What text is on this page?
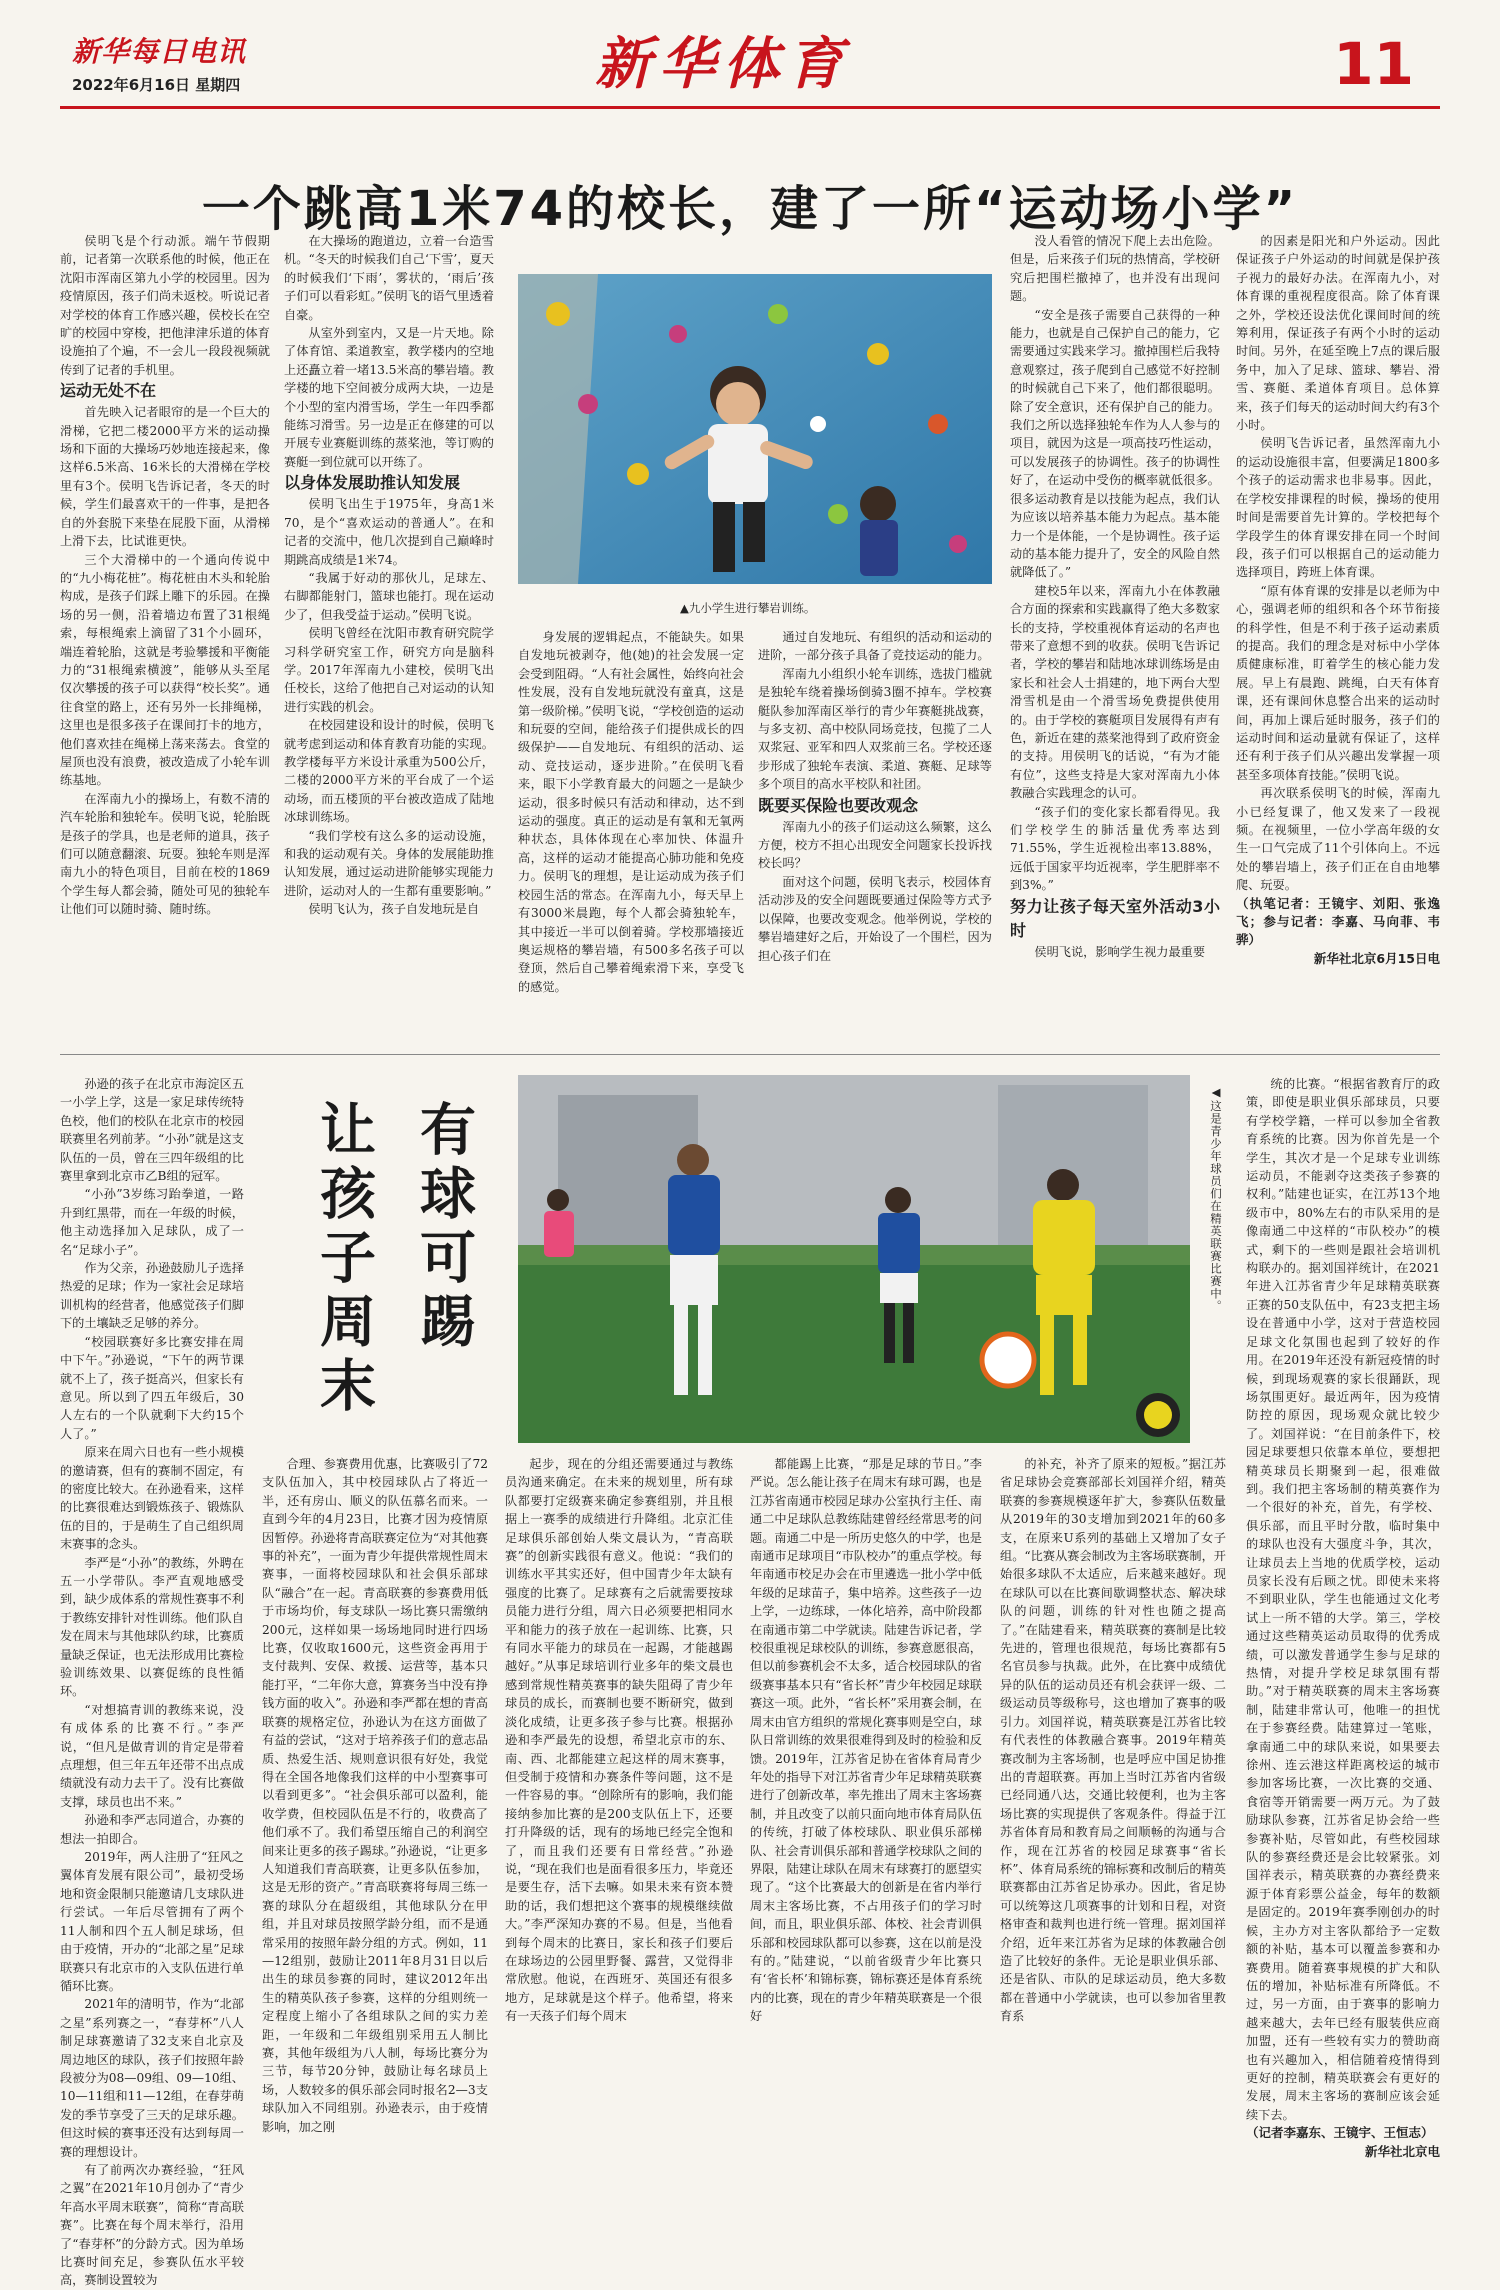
新华每日电讯
2022年6月16日 星期四	新华体育	11
一个跳高1米74的校长，建了一所“运动场小学”

侯明飞是个行动派。端午节假期前，记者第一次联系他的时候，他正在沈阳市浑南区第九小学的校园里。因为疫情原因，孩子们尚未返校。听说记者对学校的体育工作感兴趣，侯校长在空旷的校园中穿梭，把他津津乐道的体育设施拍了个遍，不一会儿一段段视频就传到了记者的手机里。

运动无处不在

首先映入记者眼帘的是一个巨大的滑梯，它把二楼2000平方米的运动操场和下面的大操场巧妙地连接起来，像这样6.5米高、16米长的大滑梯在学校里有3个。侯明飞告诉记者，冬天的时候，学生们最喜欢干的一件事，是把各自的外套脱下来垫在屁股下面，从滑梯上滑下去，比试谁更快。

三个大滑梯中的一个通向传说中的“九小梅花桩”。梅花桩由木头和轮胎构成，是孩子们踩上雕下的乐园。在操场的另一侧，沿着墙边布置了31根绳索，每根绳索上滴留了31个小圆环，端连着轮胎，这就是考验攀援和平衡能力的“31根绳索横渡”，能够从头至尾仅次攀援的孩子可以获得“校长奖”。通往食堂的路上，还有另外一长排绳梯，这里也是很多孩子在课间打卡的地方，他们喜欢挂在绳梯上荡来荡去。食堂的屋顶也没有浪费，被改造成了小轮车训练基地。

在浑南九小的操场上，有数不清的汽车轮胎和独轮车。侯明飞说，轮胎既是孩子的学具，也是老师的道具，孩子们可以随意翻滚、玩耍。独轮车则是浑南九小的特色项目，目前在校的1869个学生每人都会骑，随处可见的独轮车让他们可以随时骑、随时练。

在大操场的跑道边，立着一台造雪机。“冬天的时候我们自己‘下雪’，夏天的时候我们‘下雨’，雾状的，‘雨后’孩子们可以看彩虹。”侯明飞的语气里透着自豪。

从室外到室内，又是一片天地。除了体育馆、柔道教室，教学楼内的空地上还矗立着一堵13.5米高的攀岩墙。教学楼的地下空间被分成两大块，一边是个小型的室内滑雪场，学生一年四季都能练习滑雪。另一边是正在修建的可以开展专业赛艇训练的蒸桨池，等订购的赛艇一到位就可以开练了。

以身体发展助推认知发展

侯明飞出生于1975年，身高1米70，是个“喜欢运动的普通人”。在和记者的交流中，他几次提到自己巅峰时期跳高成绩是1米74。

“我属于好动的那伙儿，足球左、右脚都能射门，篮球也能打。现在运动少了，但我受益于运动。”侯明飞说。

侯明飞曾经在沈阳市教育研究院学习科学研究室工作，研究方向是脑科学。2017年浑南九小建校，侯明飞出任校长，这给了他把自己对运动的认知进行实践的机会。

在校园建设和设计的时候，侯明飞就考虑到运动和体育教育功能的实现。教学楼每平方米设计承重为500公斤，二楼的2000平方米的平台成了一个运动场，而五楼顶的平台被改造成了陆地冰球训练场。

“我们学校有这么多的运动设施，和我的运动观有关。身体的发展能助推认知发展，通过运动进阶能够实现能力进阶，运动对人的一生都有重要影响。”

侯明飞认为，孩子自发地玩是自

▲九小学生进行攀岩训练。

身发展的逻辑起点，不能缺失。如果自发地玩被剥夺，他(她)的社会发展一定会受到阻碍。“人有社会属性，始终向社会性发展，没有自发地玩就没有童真，这是第一级阶梯。”侯明飞说，“学校创造的运动和玩耍的空间，能给孩子们提供成长的四级保护——自发地玩、有组织的活动、运动、竞技运动，逐步进阶。”在侯明飞看来，眼下小学教育最大的问题之一是缺少运动，很多时候只有活动和律动，达不到运动的强度。真正的运动是有氧和无氧两种状态，具体体现在心率加快、体温升高，这样的运动才能提高心肺功能和免疫力。侯明飞的理想，是让运动成为孩子们校园生活的常态。在浑南九小，每天早上有3000米晨跑，每个人都会骑独轮车，其中接近一半可以倒着骑。学校那墙接近奥运规格的攀岩墙，有500多名孩子可以登顶，然后自己攀着绳索滑下来，享受飞的感觉。

通过自发地玩、有组织的活动和运动的进阶，一部分孩子具备了竞技运动的能力。

浑南九小组织小轮车训练，选拔门槛就是独轮车绕着操场倒骑3圈不掉车。学校赛艇队参加浑南区举行的青少年赛艇挑战赛，与多支初、高中校队同场竞技，包揽了二人双浆冠、亚军和四人双浆前三名。学校还逐步形成了独轮车表演、柔道、赛艇、足球等多个项目的高水平校队和社团。

既要买保险也要改观念

浑南九小的孩子们运动这么频繁，这么方便，校方不担心出现安全问题家长投诉找校长吗？

面对这个问题，侯明飞表示，校园体育活动涉及的安全问题既要通过保险等方式予以保障，也要改变观念。他举例说，学校的攀岩墙建好之后，开始设了一个围栏，因为担心孩子们在

没人看管的情况下爬上去出危险。但是，后来孩子们玩的热情高，学校研究后把围栏撤掉了，也并没有出现问题。

“安全是孩子需要自己获得的一种能力，也就是自己保护自己的能力，它需要通过实践来学习。撤掉围栏后我特意观察过，孩子爬到自己感觉不好控制的时候就自己下来了，他们都很聪明。除了安全意识，还有保护自己的能力。我们之所以选择独轮车作为人人参与的项目，就因为这是一项高技巧性运动，可以发展孩子的协调性。孩子的协调性好了，在运动中受伤的概率就低很多。很多运动教育是以技能为起点，我们认为应该以培养基本能力为起点。基本能力一个是体能，一个是协调性。孩子运动的基本能力提升了，安全的风险自然就降低了。”

建校5年以来，浑南九小在体教融合方面的探索和实践赢得了绝大多数家长的支持，学校重视体育运动的名声也带来了意想不到的收获。侯明飞告诉记者，学校的攀岩和陆地冰球训练场是由家长和社会人士捐建的，地下两台大型滑雪机是由一个滑雪场免费提供使用的。由于学校的赛艇项目发展得有声有色，新近在建的蒸桨池得到了政府资金的支持。用侯明飞的话说，“有为才能有位”，这些支持是大家对浑南九小体教融合实践理念的认可。

“孩子们的变化家长都看得见。我们学校学生的肺活量优秀率达到71.55%，学生近视检出率13.88%，远低于国家平均近视率，学生肥胖率不到3%。”

努力让孩子每天室外活动3小时

侯明飞说，影响学生视力最重要

的因素是阳光和户外运动。因此保证孩子户外运动的时间就是保护孩子视力的最好办法。在浑南九小，对体育课的重视程度很高。除了体育课之外，学校还设法优化课间时间的统筹利用，保证孩子有两个小时的运动时间。另外，在延至晚上7点的课后服务中，加入了足球、篮球、攀岩、滑雪、赛艇、柔道体育项目。总体算来，孩子们每天的运动时间大约有3个小时。

侯明飞告诉记者，虽然浑南九小的运动设施很丰富，但要满足1800多个孩子的运动需求也非易事。因此，在学校安排课程的时候，操场的使用时间是需要首先计算的。学校把每个学段学生的体育课安排在同一个时间段，孩子们可以根据自己的运动能力选择项目，跨班上体育课。

“原有体育课的安排是以老师为中心，强调老师的组织和各个环节衔接的科学性，但是不利于孩子运动素质的提高。我们的理念是对标中小学体质健康标准，盯着学生的核心能力发展。早上有晨跑、跳绳，白天有体育课，还有课间休息整合出来的运动时间，再加上课后延时服务，孩子们的运动时间和运动量就有保证了，这样还有利于孩子们从兴趣出发掌握一项甚至多项体育技能。”侯明飞说。

再次联系侯明飞的时候，浑南九小已经复课了，他又发来了一段视频。在视频里，一位小学高年级的女生一口气完成了11个引体向上。不远处的攀岩墙上，孩子们正在自由地攀爬、玩耍。

（执笔记者：王镜宇、刘阳、张逸飞；参与记者：李嘉、马向菲、韦骅）

新华社北京6月15日电

孙逊的孩子在北京市海淀区五一小学上学，这是一家足球传统特色校，他们的校队在北京市的校园联赛里名列前茅。“小孙”就是这支队伍的一员，曾在三四年级组的比赛里拿到北京市乙B组的冠军。

“小孙”3岁练习跆拳道，一路升到红黑带，而在一年级的时候，他主动选择加入足球队，成了一名“足球小子”。

作为父亲，孙逊鼓励儿子选择热爱的足球；作为一家社会足球培训机构的经营者，他感觉孩子们脚下的土壤缺乏足够的养分。

“校园联赛好多比赛安排在周中下午。”孙逊说，“下午的两节课就不上了，孩子挺高兴，但家长有意见。所以到了四五年级后，30人左右的一个队就剩下大约15个人了。”

原来在周六日也有一些小规模的邀请赛，但有的赛制不固定，有的密度比较大。在孙逊看来，这样的比赛很难达到锻炼孩子、锻炼队伍的目的，于是萌生了自己组织周末赛事的念头。

李严是“小孙”的教练，外聘在五一小学带队。李严直观地感受到，缺少成体系的常规性赛事不利于教练安排针对性训练。他们队自发在周末与其他球队约球，比赛质量缺乏保证，也无法形成用比赛检验训练效果、以赛促练的良性循环。

“对想搞青训的教练来说，没有成体系的比赛不行。”李严说，“但凡是做青训的肯定是带着点理想，但三年五年还带不出点成绩就没有动力去干了。没有比赛做支撑，球员也出不来。”

孙逊和李严志同道合，办赛的想法一拍即合。

2019年，两人注册了“狂风之翼体育发展有限公司”，最初受场地和资金限制只能邀请几支球队进行尝试。一年后尽管拥有了两个11人制和四个五人制足球场，但由于疫情，开办的“北部之星”足球联赛只有北京市的入支队伍进行单循环比赛。

2021年的清明节，作为“北部之星”系列赛之一，“春芽杯”八人制足球赛邀请了32支来自北京及周边地区的球队，孩子们按照年龄段被分为08—09组、09—10组、10—11组和11—12组，在春芽萌发的季节享受了三天的足球乐趣。但这时候的赛事还没有达到每周一赛的理想设计。

有了前两次办赛经验，“狂风之翼”在2021年10月创办了“青少年高水平周末联赛”，简称“青高联赛”。比赛在每个周末举行，沿用了“春芽杯”的分龄方式。因为单场比赛时间充足，参赛队伍水平较高，赛制设置较为

有球可踢
让孩子周末	◀这是青少年球员们在精英联赛比赛中。

合理、参赛费用优惠，比赛吸引了72支队伍加入，其中校园球队占了将近一半，还有房山、顺义的队伍慕名而来。一直到今年的4月23日，比赛才因为疫情原因暂停。孙逊将青高联赛定位为“对其他赛事的补充”，一面为青少年提供常规性周末赛事，一面将校园球队和社会俱乐部球队“融合”在一起。青高联赛的参赛费用低于市场均价，每支球队一场比赛只需缴纳200元，这样如果一场场地同时进行四场比赛，仅收取1600元，这些资金再用于支付裁判、安保、救援、运营等，基本只能打平，“二年你大意，算赛务当中没有挣钱方面的收入”。孙逊和李严都在想的青高联赛的规格定位，孙逊认为在这方面做了有益的尝试，“这对于培养孩子们的意志品质、热爱生活、规则意识很有好处，我觉得在全国各地像我们这样的中小型赛事可以看到更多”。“社会俱乐部可以盈利，能收学费，但校园队伍是不行的，收费高了他们承不了。我们希望压缩自己的利润空间来让更多的孩子踢球。”孙逊说，“让更多人知道我们青高联赛，让更多队伍参加，这是无形的资产。”青高联赛将每周三练一赛的球队分在超级组，其他球队分在甲组，并且对球员按照学龄分组，而不是通常采用的按照年龄分组的方式。例如，11—12组别，鼓励让2011年8月31日以后出生的球员参赛的同时，建议2012年出生的精英队孩子参赛，这样的分组则统一定程度上缩小了各组球队之间的实力差距，一年级和二年级组别采用五人制比赛，其他年级组为八人制，每场比赛分为三节，每节20分钟，鼓励让每名球员上场，人数较多的俱乐部会同时报名2—3支球队加入不同组别。孙逊表示，由于疫情影响，加之刚

起步，现在的分组还需要通过与教练员沟通来确定。在未来的规划里，所有球队都要打定级赛来确定参赛组别，并且根据上一赛季的成绩进行升降组。北京汇佳足球俱乐部创始人柴文晨认为，“青高联赛”的创新实践很有意义。他说：“我们的训练水平其实还好，但中国青少年太缺有强度的比赛了。足球赛有之后就需要按球员能力进行分组，周六日必须要把相同水平和能力的孩子放在一起训练、比赛，只有同水平能力的球员在一起踢，才能越踢越好。”从事足球培训行业多年的柴文晨也感到常规性精英赛事的缺失阻碍了青少年球员的成长，而赛制也要不断研究，做到淡化成绩，让更多孩子参与比赛。根据孙逊和李严最先的设想，希望北京市的东、南、西、北都能建立起这样的周末赛事，但受制于疫情和办赛条件等问题，这不是一件容易的事。“创除所有的影响，我们能接纳参加比赛的是200支队伍上下，还要打升降级的话，现有的场地已经完全饱和了，而且我们还要有日常经营。”孙逊说，“现在我们也是面看很多压力，毕竟还是要生存，活下去嘛。如果未来有资本赞助的话，我们想把这个赛事的规模继续做大。”李严深知办赛的不易。但是，当他看到每个周末的比赛日，家长和孩子们要后在球场边的公园里野餐、露营，又觉得非常欣慰。他说，在西班牙、英国还有很多地方，足球就是这个样子。他希望，将来有一天孩子们每个周末

都能踢上比赛，“那是足球的节日。”李严说。怎么能让孩子在周末有球可踢，也是江苏省南通市校园足球办公室执行主任、南通二中足球队总教练陆建曾经经常思考的问题。南通二中是一所历史悠久的中学，也是南通市足球项目“市队校办”的重点学校。每年南通市校足办会在市里遴选一批小学中低年级的足球苗子，集中培养。这些孩子一边上学，一边练球，一体化培养，高中阶段都在南通市第二中学就读。陆建告诉记者，学校很重视足球校队的训练，参赛意愿很高，但以前参赛机会不太多，适合校园球队的省级赛事基本只有“省长杯”青少年校园足球联赛这一项。此外，“省长杯”采用赛会制，在周末由官方组织的常规化赛事则是空白，球队日常训练的效果很难得到及时的检验和反馈。2019年，江苏省足协在省体育局青少年处的指导下对江苏省青少年足球精英联赛进行了创新改革，率先推出了周末主客场赛制，并且改变了以前只面向地市体育局队伍的传统，打破了体校球队、职业俱乐部梯队、社会青训俱乐部和普通学校球队之间的界限，陆建让球队在周末有球赛打的愿望实现了。“这个比赛最大的创新是在省内举行周末主客场比赛，不占用孩子们的学习时间，而且，职业俱乐部、体校、社会青训俱乐部和校园球队都可以参赛，这在以前是没有的。”陆建说，“以前省级青少年比赛只有‘省长杯’和锦标赛，锦标赛还是体育系统内的比赛，现在的青少年精英联赛是一个很好

的补充，补齐了原来的短板。”据江苏省足球协会竞赛部部长刘国祥介绍，精英联赛的参赛规模逐年扩大，参赛队伍数量从2019年的30支增加到2021年的60多支，在原来U系列的基础上又增加了女子组。“比赛从赛会制改为主客场联赛制，开始很多球队不太适应，后来越来越好。现在球队可以在比赛间歇调整状态、解决球队的问题，训练的针对性也随之提高了。”在陆建看来，精英联赛的赛制是比较先进的，管理也很规范，每场比赛都有5名官员参与执裁。此外，在比赛中成绩优异的队伍的运动员还有机会获评一级、二级运动员等级称号，这也增加了赛事的吸引力。刘国祥说，精英联赛是江苏省比较有代表性的体教融合赛事。2019年精英赛改制为主客场制，也是呼应中国足协推出的青超联赛。再加上当时江苏省内省级已经同通八达，交通比较便利，也为主客场比赛的实现提供了客观条件。得益于江苏省体育局和教育局之间顺畅的沟通与合作，现在江苏省的校园足球赛事“省长杯”、体育局系统的锦标赛和改制后的精英联赛都由江苏省足协承办。因此，省足协可以统筹这几项赛事的计划和日程，对资格审查和裁判也进行统一管理。据刘国祥介绍，近年来江苏省为足球的体教融合创造了比较好的条件。无论是职业俱乐部、还是省队、市队的足球运动员，绝大多数都在普通中小学就读，也可以参加省里教育系

统的比赛。“根据省教育厅的政策，即使是职业俱乐部球员，只要有学校学籍，一样可以参加全省教育系统的比赛。因为你首先是一个学生，其次才是一个足球专业训练运动员，不能剥夺这类孩子参赛的权利。”陆建也证实，在江苏13个地级市中，80%左右的市队采用的是像南通二中这样的“市队校办”的模式，剩下的一些则是跟社会培训机构联办的。据刘国祥统计，在2021年进入江苏省青少年足球精英联赛正赛的50支队伍中，有23支把主场设在普通中小学，这对于营造校园足球文化氛围也起到了较好的作用。在2019年还没有新冠疫情的时候，到现场观赛的家长很踊跃，现场氛围更好。最近两年，因为疫情防控的原因，现场观众就比较少了。刘国祥说：“在目前条件下，校园足球要想只依靠本单位，要想把精英球员长期聚到一起，很难做到。我们把主客场制的精英赛作为一个很好的补充，首先，有学校、俱乐部，而且平时分散，临时集中的球队也没有大强度斗争，其次，让球员去上当地的优质学校，运动员家长没有后顾之忧。即使未来将不到职业队，学生也能通过文化考试上一所不错的大学。第三，学校通过这些精英运动员取得的优秀成绩，可以激发普通学生参与足球的热情，对提升学校足球氛围有帮助。”对于精英联赛的周末主客场赛制，陆建非常认可，他唯一的担忧在于参赛经费。陆建算过一笔账，拿南通二中的球队来说，如果要去徐州、连云港这样距离校运的城市参加客场比赛，一次比赛的交通、食宿等开销需要一两万元。为了鼓励球队参赛，江苏省足协会给一些参赛补贴，尽管如此，有些校园球队的参赛经费还是会比较紧张。刘国祥表示，精英联赛的办赛经费来源于体育彩票公益金，每年的数额是固定的。2019年赛季刚创办的时候，主办方对主客队都给予一定数额的补贴，基本可以覆盖参赛和办赛费用。随着赛事规模的扩大和队伍的增加，补贴标准有所降低。不过，另一方面，由于赛事的影响力越来越大，去年已经有服装供应商加盟，还有一些较有实力的赞助商也有兴趣加入，相信随着疫情得到更好的控制，精英联赛会有更好的发展，周末主客场的赛制应该会延续下去。

（记者李嘉东、王镜宇、王恒志）

新华社北京电
